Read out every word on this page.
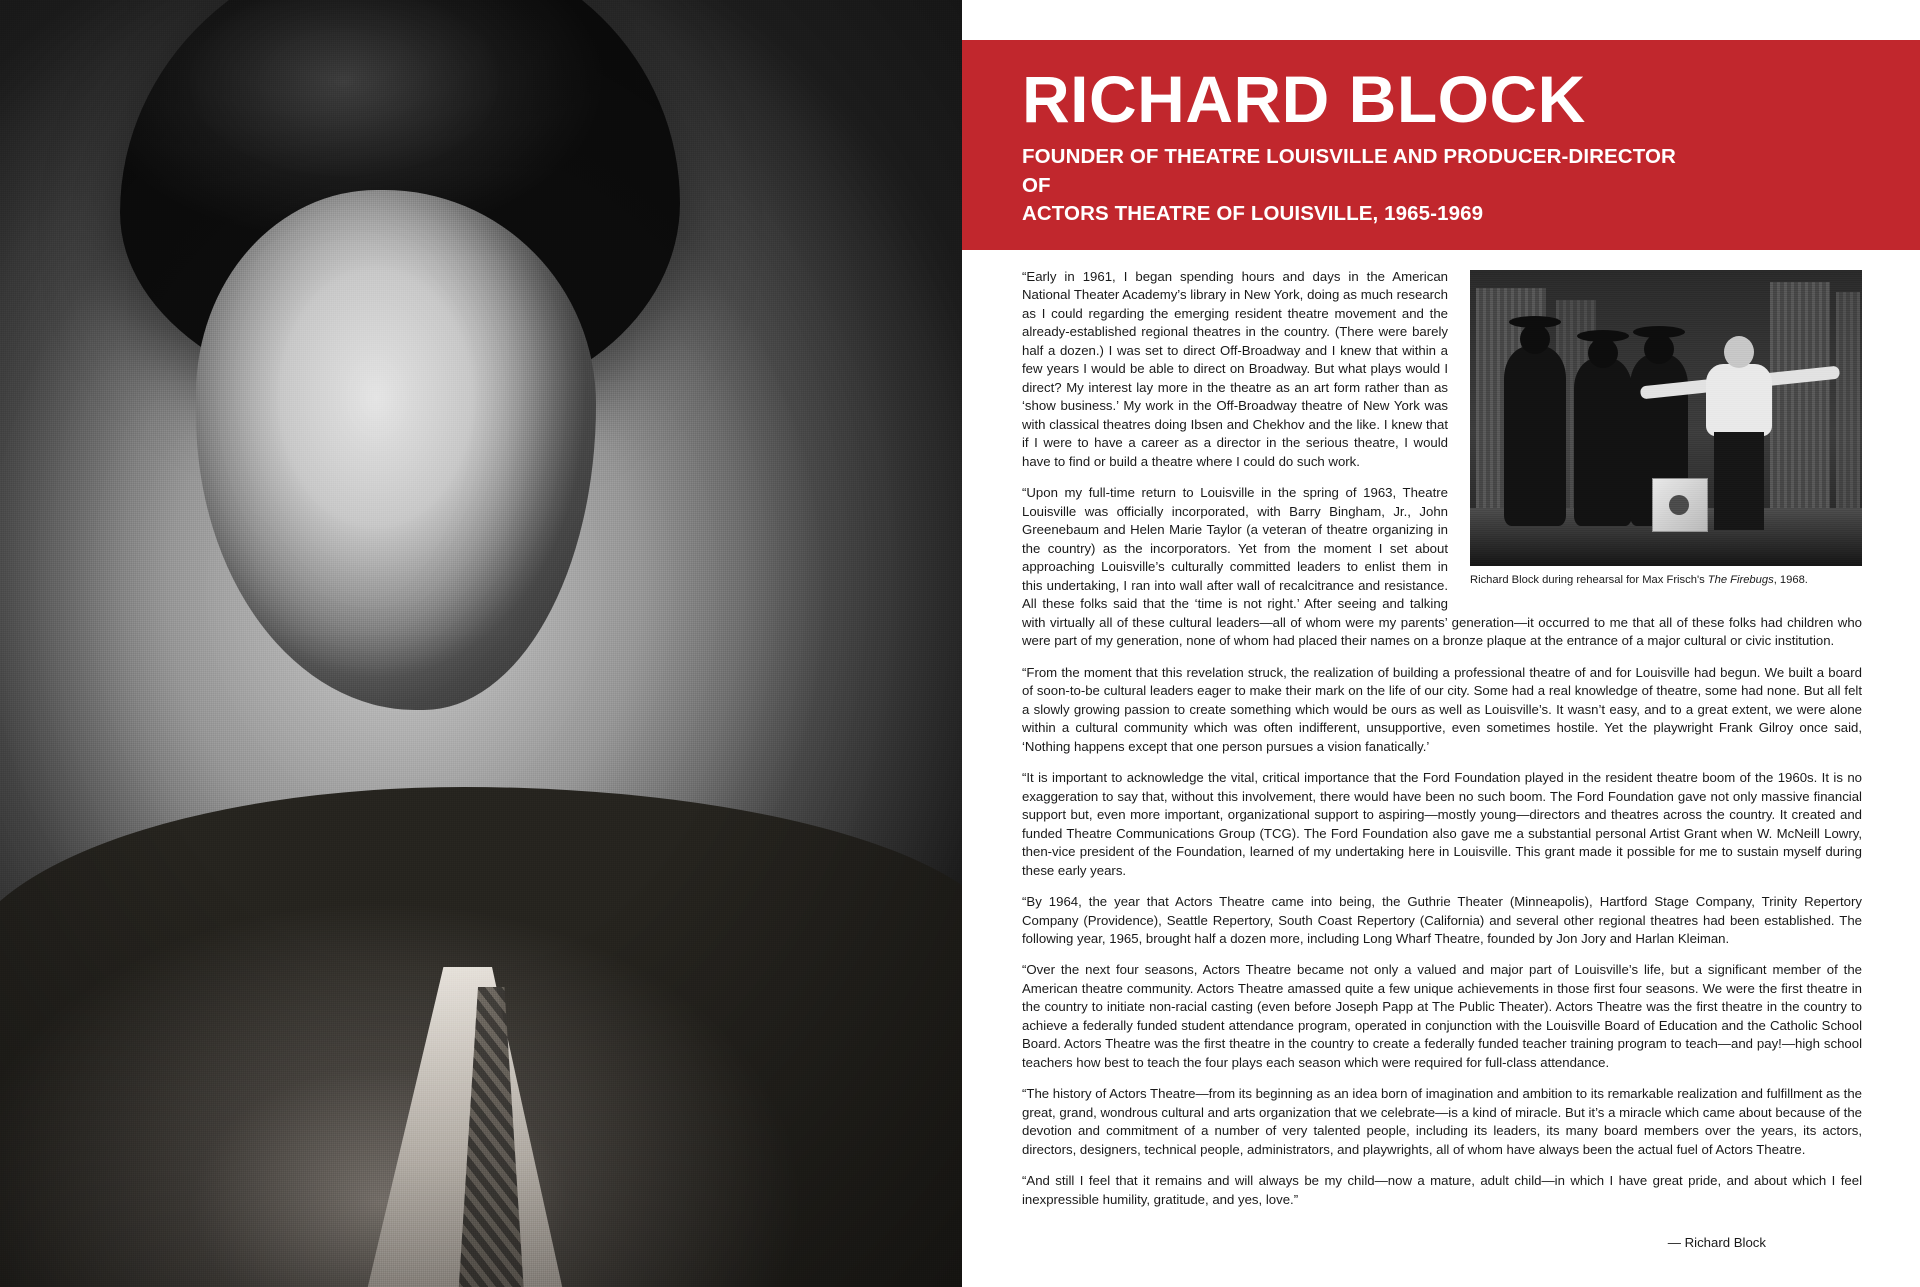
RICHARD BLOCK
FOUNDER OF THEATRE LOUISVILLE AND PRODUCER-DIRECTOR OF
ACTORS THEATRE OF LOUISVILLE, 1965-1969
Richard Block during rehearsal for Max Frisch's The Firebugs, 1968.

“Early in 1961, I began spending hours and days in the American National Theater Academy’s library in New York, doing as much research as I could regarding the emerging resident theatre movement and the already-established regional theatres in the country. (There were barely half a dozen.) I was set to direct Off-Broadway and I knew that within a few years I would be able to direct on Broadway. But what plays would I direct? My interest lay more in the theatre as an art form rather than as ‘show business.’ My work in the Off-Broadway theatre of New York was with classical theatres doing Ibsen and Chekhov and the like. I knew that if I were to have a career as a director in the serious theatre, I would have to find or build a theatre where I could do such work.

“Upon my full-time return to Louisville in the spring of 1963, Theatre Louisville was officially incorporated, with Barry Bingham, Jr., John Greenebaum and Helen Marie Taylor (a veteran of theatre organizing in the country) as the incorporators. Yet from the moment I set about approaching Louisville’s culturally committed leaders to enlist them in this undertaking, I ran into wall after wall of recalcitrance and resistance. All these folks said that the ‘time is not right.’ After seeing and talking with virtually all of these cultural leaders—all of whom were my parents’ generation—it occurred to me that all of these folks had children who were part of my generation, none of whom had placed their names on a bronze plaque at the entrance of a major cultural or civic institution.

“From the moment that this revelation struck, the realization of building a professional theatre of and for Louisville had begun. We built a board of soon-to-be cultural leaders eager to make their mark on the life of our city. Some had a real knowledge of theatre, some had none. But all felt a slowly growing passion to create something which would be ours as well as Louisville’s. It wasn’t easy, and to a great extent, we were alone within a cultural community which was often indifferent, unsupportive, even sometimes hostile. Yet the playwright Frank Gilroy once said, ‘Nothing happens except that one person pursues a vision fanatically.’

“It is important to acknowledge the vital, critical importance that the Ford Foundation played in the resident theatre boom of the 1960s. It is no exaggeration to say that, without this involvement, there would have been no such boom. The Ford Foundation gave not only massive financial support but, even more important, organizational support to aspiring—mostly young—directors and theatres across the country. It created and funded Theatre Communications Group (TCG). The Ford Foundation also gave me a substantial personal Artist Grant when W. McNeill Lowry, then-vice president of the Foundation, learned of my undertaking here in Louisville. This grant made it possible for me to sustain myself during these early years.

“By 1964, the year that Actors Theatre came into being, the Guthrie Theater (Minneapolis), Hartford Stage Company, Trinity Repertory Company (Providence), Seattle Repertory, South Coast Repertory (California) and several other regional theatres had been established. The following year, 1965, brought half a dozen more, including Long Wharf Theatre, founded by Jon Jory and Harlan Kleiman.

“Over the next four seasons, Actors Theatre became not only a valued and major part of Louisville’s life, but a significant member of the American theatre community. Actors Theatre amassed quite a few unique achievements in those first four seasons. We were the first theatre in the country to initiate non-racial casting (even before Joseph Papp at The Public Theater). Actors Theatre was the first theatre in the country to achieve a federally funded student attendance program, operated in conjunction with the Louisville Board of Education and the Catholic School Board. Actors Theatre was the first theatre in the country to create a federally funded teacher training program to teach—and pay!—high school teachers how best to teach the four plays each season which were required for full-class attendance.

“The history of Actors Theatre—from its beginning as an idea born of imagination and ambition to its remarkable realization and fulfillment as the great, grand, wondrous cultural and arts organization that we celebrate—is a kind of miracle. But it’s a miracle which came about because of the devotion and commitment of a number of very talented people, including its leaders, its many board members over the years, its actors, directors, designers, technical people, administrators, and playwrights, all of whom have always been the actual fuel of Actors Theatre.

“And still I feel that it remains and will always be my child—now a mature, adult child—in which I have great pride, and about which I feel inexpressible humility, gratitude, and yes, love.”

— Richard Block
